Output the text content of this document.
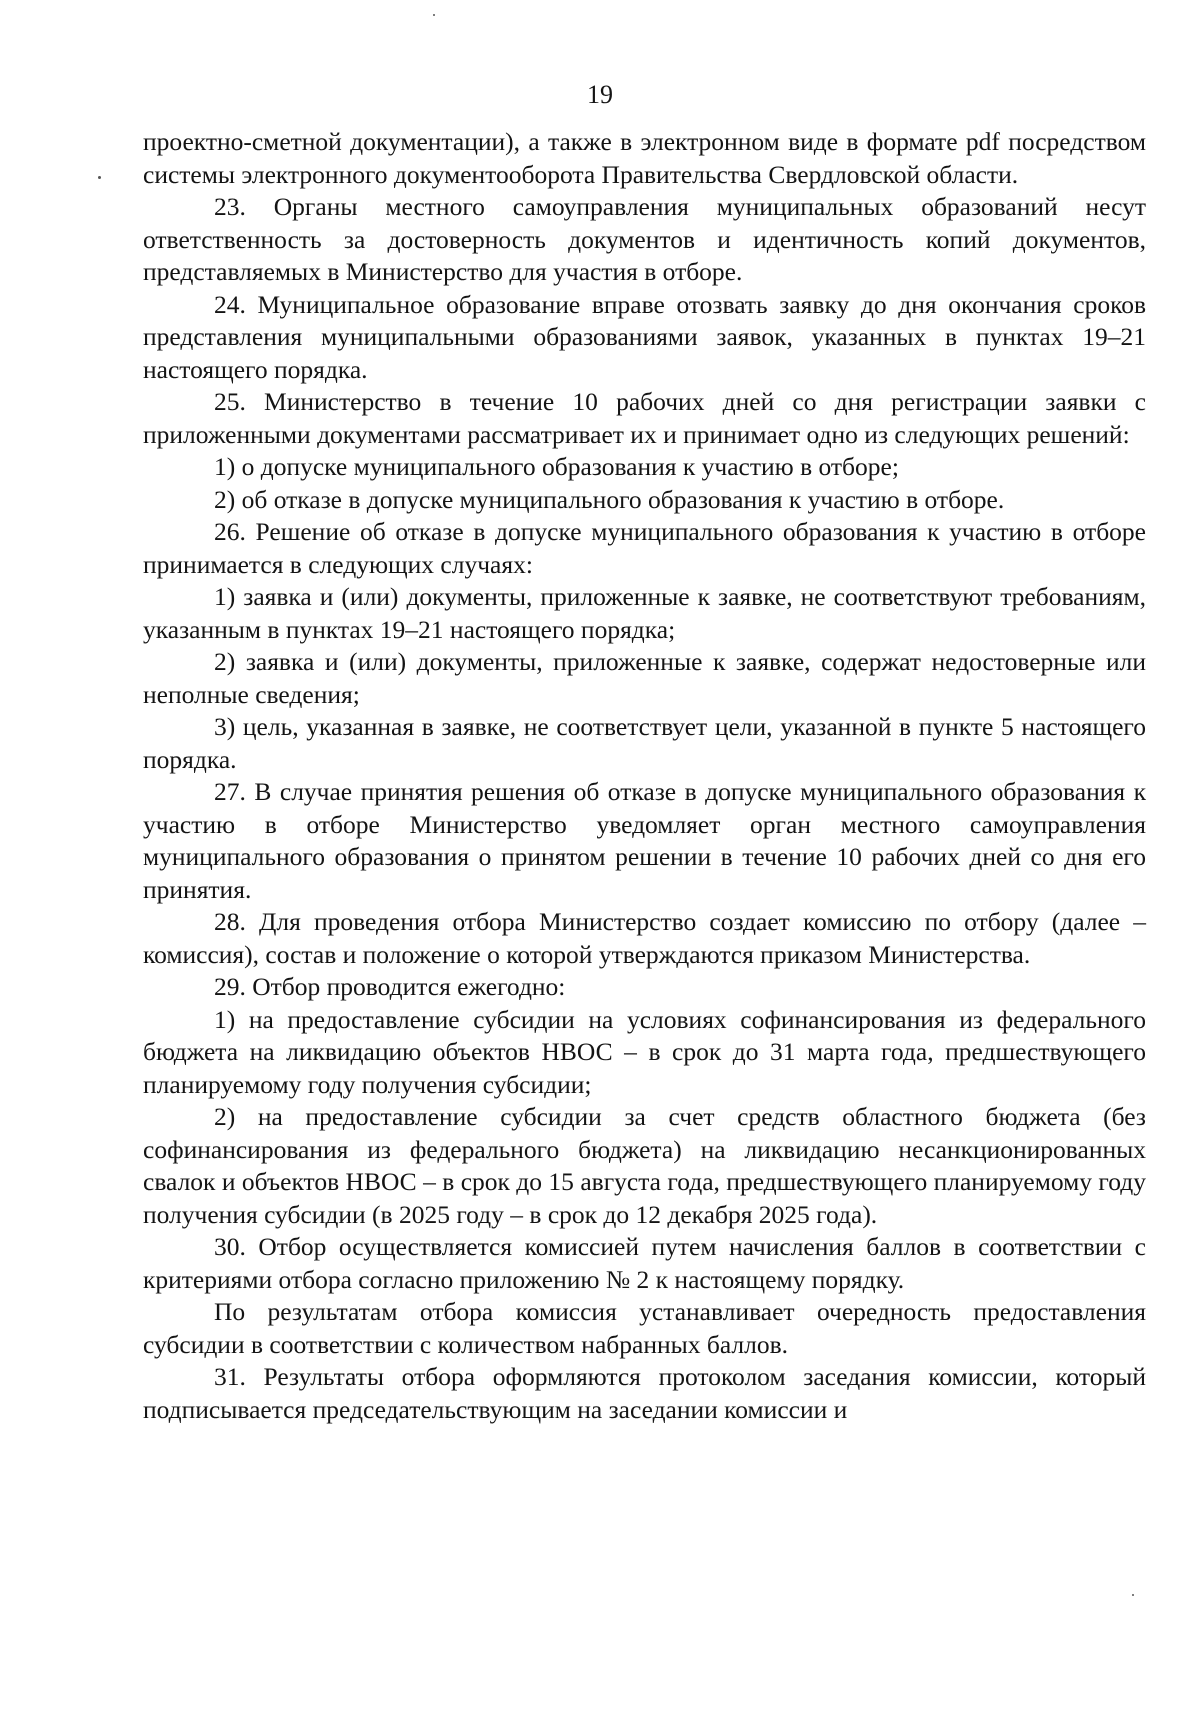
19

проектно-сметной документации), а также в электронном виде в формате pdf посредством системы электронного документооборота Правительства Свердловской области.

23. Органы местного самоуправления муниципальных образований несут ответственность за достоверность документов и идентичность копий документов, представляемых в Министерство для участия в отборе.

24. Муниципальное образование вправе отозвать заявку до дня окончания сроков представления муниципальными образованиями заявок, указанных в пунктах 19–21 настоящего порядка.

25. Министерство в течение 10 рабочих дней со дня регистрации заявки с приложенными документами рассматривает их и принимает одно из следующих решений:

1) о допуске муниципального образования к участию в отборе;

2) об отказе в допуске муниципального образования к участию в отборе.

26. Решение об отказе в допуске муниципального образования к участию в отборе принимается в следующих случаях:

1) заявка и (или) документы, приложенные к заявке, не соответствуют требованиям, указанным в пунктах 19–21 настоящего порядка;

2) заявка и (или) документы, приложенные к заявке, содержат недостоверные или неполные сведения;

3) цель, указанная в заявке, не соответствует цели, указанной в пункте 5 настоящего порядка.

27. В случае принятия решения об отказе в допуске муниципального образования к участию в отборе Министерство уведомляет орган местного самоуправления муниципального образования о принятом решении в течение 10 рабочих дней со дня его принятия.

28. Для проведения отбора Министерство создает комиссию по отбору (далее – комиссия), состав и положение о которой утверждаются приказом Министерства.

29. Отбор проводится ежегодно:

1) на предоставление субсидии на условиях софинансирования из федерального бюджета на ликвидацию объектов НВОС – в срок до 31 марта года, предшествующего планируемому году получения субсидии;

2) на предоставление субсидии за счет средств областного бюджета (без софинансирования из федерального бюджета) на ликвидацию несанкционированных свалок и объектов НВОС – в срок до 15 августа года, предшествующего планируемому году получения субсидии (в 2025 году – в срок до 12 декабря 2025 года).

30. Отбор осуществляется комиссией путем начисления баллов в соответствии с критериями отбора согласно приложению № 2 к настоящему порядку.

По результатам отбора комиссия устанавливает очередность предоставления субсидии в соответствии с количеством набранных баллов.

31. Результаты отбора оформляются протоколом заседания комиссии, который подписывается председательствующим на заседании комиссии и
